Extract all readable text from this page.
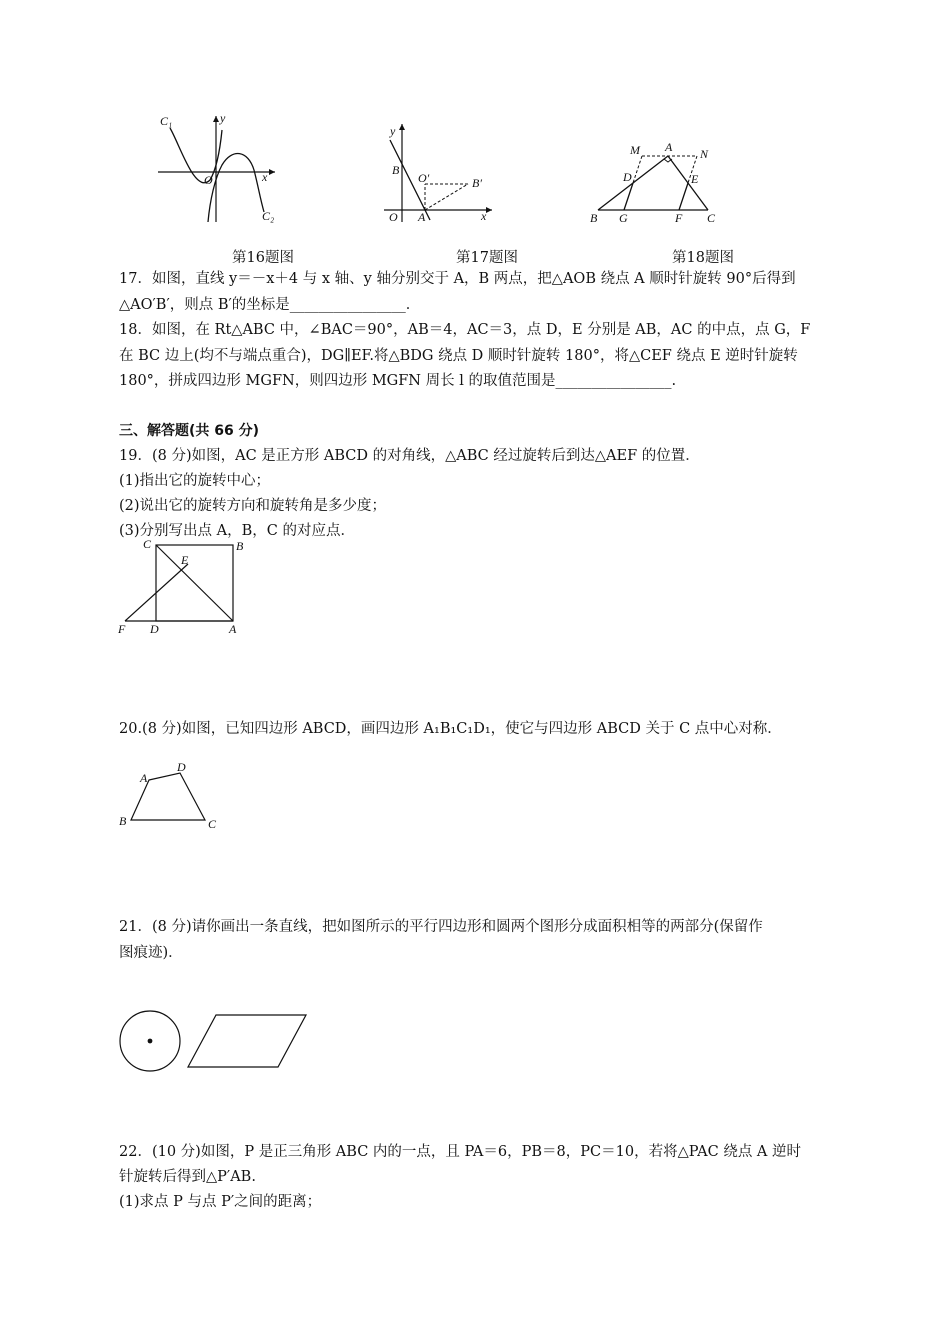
C₁	y
O	x
C₂
第16题图
y
B
O′	B′
O A	x
第17题图
M A N
D	E
B G	F C
第18题图
17．如图，直线 y＝－x＋4 与 x 轴、y 轴分别交于 A，B 两点，把△AOB 绕点 A 顺时针旋转 90°后得到
△AO′B′，则点 B′的坐标是________________．
18．如图，在 Rt△ABC 中，∠BAC＝90°，AB＝4，AC＝3，点 D，E 分别是 AB，AC 的中点，点 G，F
在 BC 边上(均不与端点重合)，DG∥EF.将△BDG 绕点 D 顺时针旋转 180°，将△CEF 绕点 E 逆时针旋转
180°，拼成四边形 MGFN，则四边形 MGFN 周长 l 的取值范围是________________.
三、解答题(共 66 分)
19．(8 分)如图，AC 是正方形 ABCD 的对角线，△ABC 经过旋转后到达△AEF 的位置．
(1)指出它的旋转中心；
(2)说出它的旋转方向和旋转角是多少度；
(3)分别写出点 A，B，C 的对应点．
C	B
E
F D	A
20.(8 分)如图，已知四边形 ABCD，画四边形 A₁B₁C₁D₁，使它与四边形 ABCD 关于 C 点中心对称．
A
D
B	C
21．(8 分)请你画出一条直线，把如图所示的平行四边形和圆两个图形分成面积相等的两部分(保留作
图痕迹)．
22．(10 分)如图，P 是正三角形 ABC 内的一点，且 PA＝6，PB＝8，PC＝10，若将△PAC 绕点 A 逆时
针旋转后得到△P′AB.
(1)求点 P 与点 P′之间的距离；
